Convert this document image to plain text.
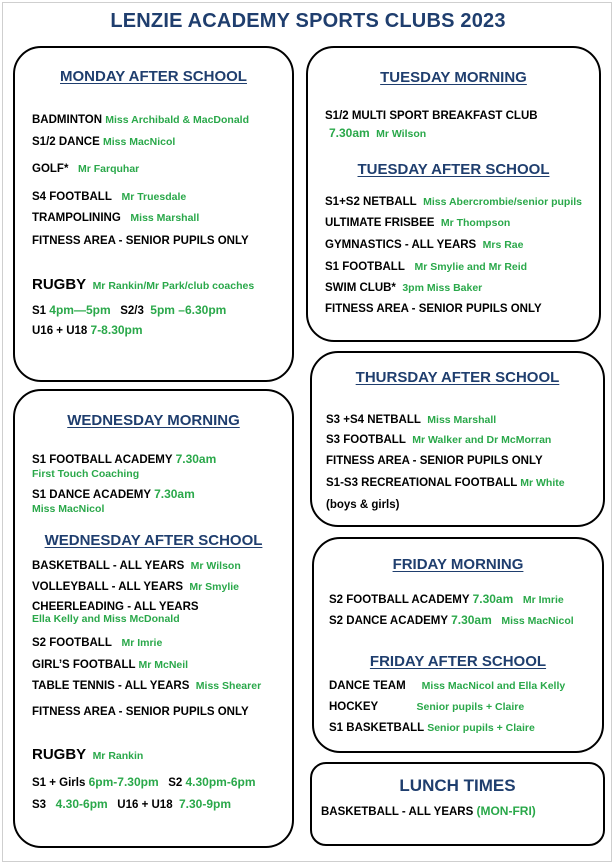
LENZIE ACADEMY SPORTS CLUBS 2023
MONDAY AFTER SCHOOL
BADMINTON Miss Archibald & MacDonald
S1/2 DANCE Miss MacNicol
GOLF* Mr Farquhar
S4 FOOTBALL Mr Truesdale
TRAMPOLINING Miss Marshall
FITNESS AREA - SENIOR PUPILS ONLY
RUGBY Mr Rankin/Mr Park/club coaches
S1 4pm—5pm S2/3 5pm –6.30pm
U16 + U18 7-8.30pm
TUESDAY MORNING
S1/2 MULTI SPORT BREAKFAST CLUB
7.30am Mr Wilson
TUESDAY AFTER SCHOOL
S1+S2 NETBALL Miss Abercrombie/senior pupils
ULTIMATE FRISBEE Mr Thompson
GYMNASTICS - ALL YEARS Mrs Rae
S1 FOOTBALL Mr Smylie and Mr Reid
SWIM CLUB* 3pm Miss Baker
FITNESS AREA - SENIOR PUPILS ONLY
WEDNESDAY MORNING
S1 FOOTBALL ACADEMY 7.30am
First Touch Coaching
S1 DANCE ACADEMY 7.30am
Miss MacNicol
WEDNESDAY AFTER SCHOOL
BASKETBALL - ALL YEARS Mr Wilson
VOLLEYBALL - ALL YEARS Mr Smylie
CHEERLEADING - ALL YEARS
Ella Kelly and Miss McDonald
S2 FOOTBALL Mr Imrie
GIRL’S FOOTBALL Mr McNeil
TABLE TENNIS - ALL YEARS Miss Shearer
FITNESS AREA - SENIOR PUPILS ONLY
RUGBY Mr Rankin
S1 + Girls 6pm-7.30pm S2 4.30pm-6pm
S3 4.30-6pm U16 + U18 7.30-9pm
THURSDAY AFTER SCHOOL
S3 +S4 NETBALL Miss Marshall
S3 FOOTBALL Mr Walker and Dr McMorran
FITNESS AREA - SENIOR PUPILS ONLY
S1-S3 RECREATIONAL FOOTBALL Mr White
(boys & girls)
FRIDAY MORNING
S2 FOOTBALL ACADEMY 7.30am Mr Imrie
S2 DANCE ACADEMY 7.30am Miss MacNicol
FRIDAY AFTER SCHOOL
DANCE TEAM Miss MacNicol and Ella Kelly
HOCKEY	Senior pupils + Claire
S1 BASKETBALL Senior pupils + Claire
LUNCH TIMES
BASKETBALL - ALL YEARS (MON-FRI)
